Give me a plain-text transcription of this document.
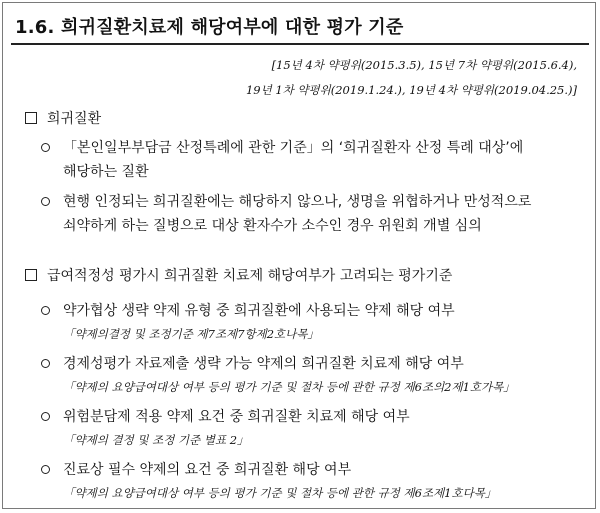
1.6. 희귀질환치료제 해당여부에 대한 평가 기준
[15년 4차 약평위(2015.3.5), 15년 7차 약평위(2015.6.4),
19년 1차 약평위(2019.1.24.), 19년 4차 약평위(2019.04.25.)]
희귀질환
「본인일부부담금 산정특례에 관한 기준」의 ‘희귀질환자 산정 특례 대상’에
해당하는 질환
현행 인정되는 희귀질환에는 해당하지 않으나, 생명을 위협하거나 만성적으로
쇠약하게 하는 질병으로 대상 환자수가 소수인 경우 위원회 개별 심의
급여적정성 평가시 희귀질환 치료제 해당여부가 고려되는 평가기준
약가협상 생략 약제 유형 중 희귀질환에 사용되는 약제 해당 여부
「약제의결정 및 조정기준 제7조제7항제2호나목」
경제성평가 자료제출 생략 가능 약제의 희귀질환 치료제 해당 여부
「약제의 요양급여대상 여부 등의 평가 기준 및 절차 등에 관한 규정 제6조의2제1호가목」
위험분담제 적용 약제 요건 중 희귀질환 치료제 해당 여부
「약제의 결정 및 조정 기준 별표 2」
진료상 필수 약제의 요건 중 희귀질환 해당 여부
「약제의 요양급여대상 여부 등의 평가 기준 및 절차 등에 관한 규정 제6조제1호다목」
